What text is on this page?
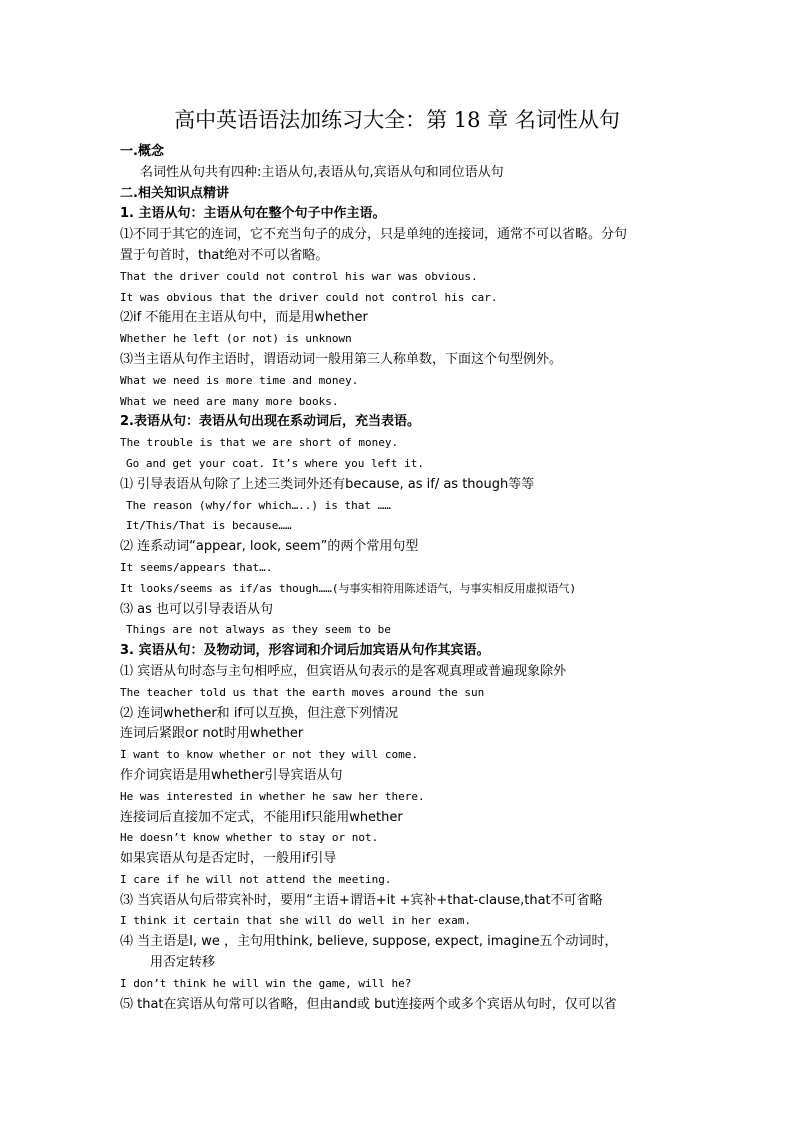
高中英语语法加练习大全：第 18 章 名词性从句
一.概念
名词性从句共有四种:主语从句,表语从句,宾语从句和同位语从句
二.相关知识点精讲
1. 主语从句：主语从句在整个句子中作主语。
⑴不同于其它的连词，它不充当句子的成分，只是单纯的连接词，通常不可以省略。分句
置于句首时，that绝对不可以省略。
That the driver could not control his war was obvious.
It was obvious that the driver could not control his car.
⑵if 不能用在主语从句中，而是用whether
Whether he left (or not) is unknown
⑶当主语从句作主语时，谓语动词一般用第三人称单数，下面这个句型例外。
What we need is more time and money.
What we need are many more books.
2.表语从句：表语从句出现在系动词后，充当表语。
The trouble is that we are short of money.
Go and get your coat. It’s where you left it.
⑴ 引导表语从句除了上述三类词外还有because, as if/ as though等等
The reason (why/for which…..) is that ……
It/This/That is because……
⑵ 连系动词“appear, look, seem”的两个常用句型
It seems/appears that….
It looks/seems as if/as though……(与事实相符用陈述语气，与事实相反用虚拟语气)
⑶ as 也可以引导表语从句
Things are not always as they seem to be
3. 宾语从句：及物动词，形容词和介词后加宾语从句作其宾语。
⑴ 宾语从句时态与主句相呼应，但宾语从句表示的是客观真理或普遍现象除外
The teacher told us that the earth moves around the sun
⑵ 连词whether和 if可以互换，但注意下列情况
连词后紧跟or not时用whether
I want to know whether or not they will come.
作介词宾语是用whether引导宾语从句
He was interested in whether he saw her there.
连接词后直接加不定式，不能用if只能用whether
He doesn’t know whether to stay or not.
如果宾语从句是否定时，一般用if引导
I care if he will not attend the meeting.
⑶ 当宾语从句后带宾补时，要用“主语+谓语+it +宾补+that-clause,that不可省略
I think it certain that she will do well in her exam.
⑷ 当主语是I, we ，主句用think, believe, suppose, expect, imagine五个动词时，
用否定转移
I don’t think he will win the game, will he?
⑸ that在宾语从句常可以省略，但由and或 but连接两个或多个宾语从句时，仅可以省
